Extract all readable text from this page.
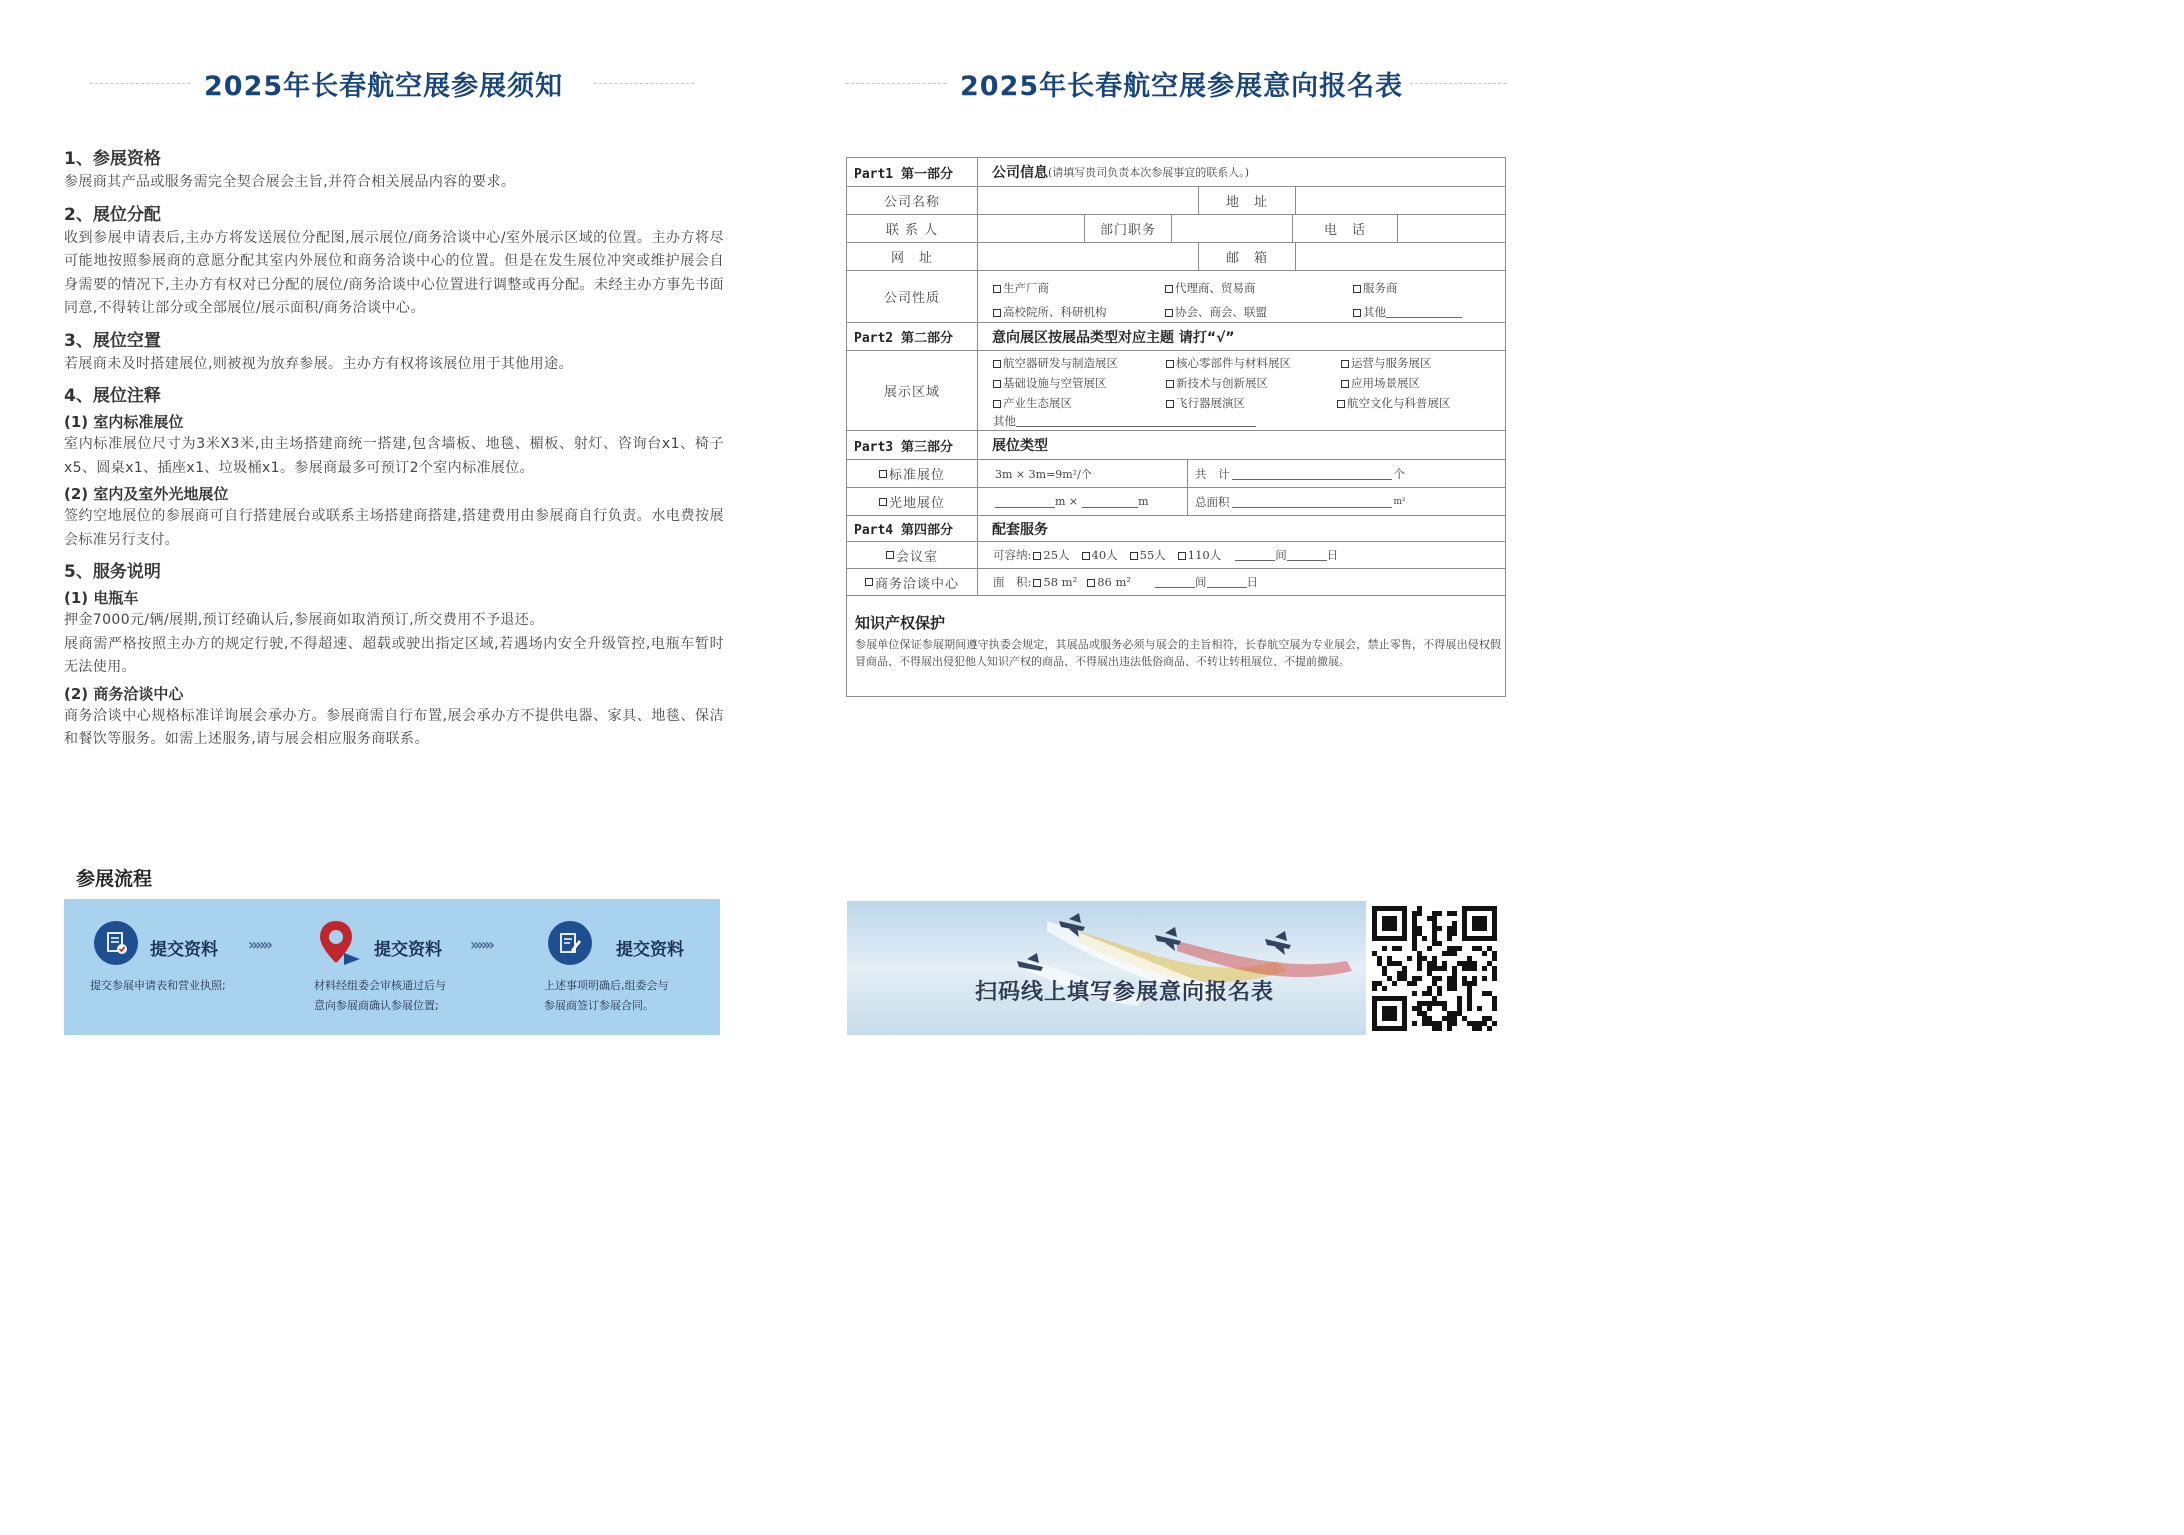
2025年长春航空展参展须知
1、参展资格
参展商其产品或服务需完全契合展会主旨,并符合相关展品内容的要求。
2、展位分配
收到参展申请表后,主办方将发送展位分配图,展示展位/商务洽谈中心/室外展示区域的位置。主办方将尽可能地按照参展商的意愿分配其室内外展位和商务洽谈中心的位置。但是在发生展位冲突或维护展会自身需要的情况下,主办方有权对已分配的展位/商务洽谈中心位置进行调整或再分配。未经主办方事先书面同意,不得转让部分或全部展位/展示面积/商务洽谈中心。
3、展位空置
若展商未及时搭建展位,则被视为放弃参展。主办方有权将该展位用于其他用途。
4、展位注释
(1) 室内标准展位
室内标准展位尺寸为3米X3米,由主场搭建商统一搭建,包含墙板、地毯、楣板、射灯、咨询台x1、椅子x5、圆桌x1、插座x1、垃圾桶x1。参展商最多可预订2个室内标准展位。
(2) 室内及室外光地展位
签约空地展位的参展商可自行搭建展台或联系主场搭建商搭建,搭建费用由参展商自行负责。水电费按展会标准另行支付。
5、服务说明
(1) 电瓶车
押金7000元/辆/展期,预订经确认后,参展商如取消预订,所交费用不予退还。
展商需严格按照主办方的规定行驶,不得超速、超载或驶出指定区域,若遇场内安全升级管控,电瓶车暂时无法使用。
(2) 商务洽谈中心
商务洽谈中心规格标准详询展会承办方。参展商需自行布置,展会承办方不提供电器、家具、地毯、保洁和餐饮等服务。如需上述服务,请与展会相应服务商联系。
参展流程
提交资料
提交参展申请表和营业执照;
»»»	提交资料
材料经组委会审核通过后与
意向参展商确认参展位置;
»»»	提交资料
上述事项明确后,组委会与
参展商签订参展合同。
2025年长春航空展参展意向报名表
Part1 第一部分	公司信息 (请填写贵司负责本次参展事宜的联系人。)
公司名称	地　址
联 系 人	部门职务	电　话
网　址	邮　箱
公司性质
生产厂商	代理商、贸易商	服务商
高校院所、科研机构	协会、商会、联盟	其他
Part2 第二部分	意向展区按展品类型对应主题 请打“√”
展示区域
航空器研发与制造展区	核心零部件与材料展区	运营与服务展区
基础设施与空管展区	新技术与创新展区	应用场景展区
产业生态展区	飞行器展演区	航空文化与科普展区
其他
Part3 第三部分	展位类型
标准展位	3m × 3m=9m²/个	共　计	个
光地展位	m ×	m	总面积	m²
Part4 第四部分	配套服务
会议室	可容纳:	25人	40人	55人	110人	间	日
商务洽谈中心	面　积:	58 m²	86 m²	间	日
知识产权保护
参展单位保证参展期间遵守执委会规定，其展品或服务必须与展会的主旨相符，长春航空展为专业展会，禁止零售，不得展出侵权假冒商品、不得展出侵犯他人知识产权的商品、不得展出违法低俗商品、不转让转租展位、不提前撤展。
扫码线上填写参展意向报名表
